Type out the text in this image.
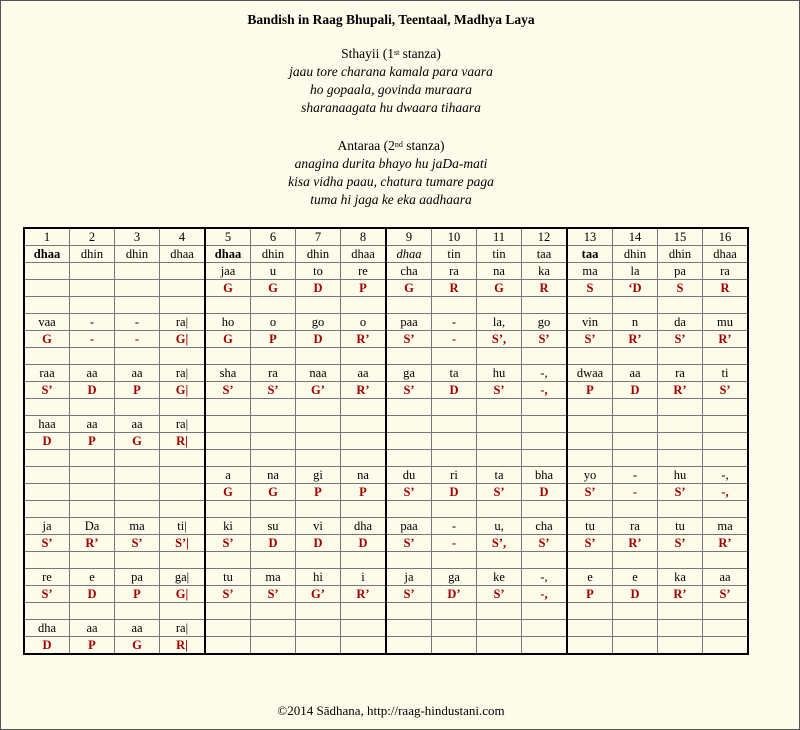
Bandish in Raag Bhupali, Teentaal, Madhya Laya
Sthayii (1st stanza)
jaau tore charana kamala para vaara
ho gopaala, govinda muraara
sharanaagata hu dwaara tihaara
Antaraa (2nd stanza)
anagina durita bhayo hu jaDa-mati
kisa vidha paau, chatura tumare paga
tuma hi jaga ke eka aadhaara
1	2	3	4	5	6	7	8	9	10	11	12	13	14	15	16
dhaa	dhin	dhin	dhaa	dhaa	dhin	dhin	dhaa	dhaa	tin	tin	taa	taa	dhin	dhin	dhaa
				jaa	u	to	re	cha	ra	na	ka	ma	la	pa	ra
				G	G	D	P	G	R	G	R	S	‘D	S	R

vaa	-	-	ra|	ho	o	go	o	paa	-	la,	go	vin	n	da	mu
G	-	-	G|	G	P	D	R’	S’	-	S’,	S’	S’	R’	S’	R’

raa	aa	aa	ra|	sha	ra	naa	aa	ga	ta	hu	-,	dwaa	aa	ra	ti
S’	D	P	G|	S’	S’	G’	R’	S’	D	S’	-,	P	D	R’	S’

haa	aa	aa	ra|												
D	P	G	R|												

				a	na	gi	na	du	ri	ta	bha	yo	-	hu	-,
				G	G	P	P	S’	D	S’	D	S’	-	S’	-,

ja	Da	ma	ti|	ki	su	vi	dha	paa	-	u,	cha	tu	ra	tu	ma
S’	R’	S’	S’|	S’	D	D	D	S’	-	S’,	S’	S’	R’	S’	R’

re	e	pa	ga|	tu	ma	hi	i	ja	ga	ke	-,	e	e	ka	aa
S’	D	P	G|	S’	S’	G’	R’	S’	D’	S’	-,	P	D	R’	S’

dha	aa	aa	ra|												
D	P	G	R|												
©2014 Sādhana, http://raag-hindustani.com
